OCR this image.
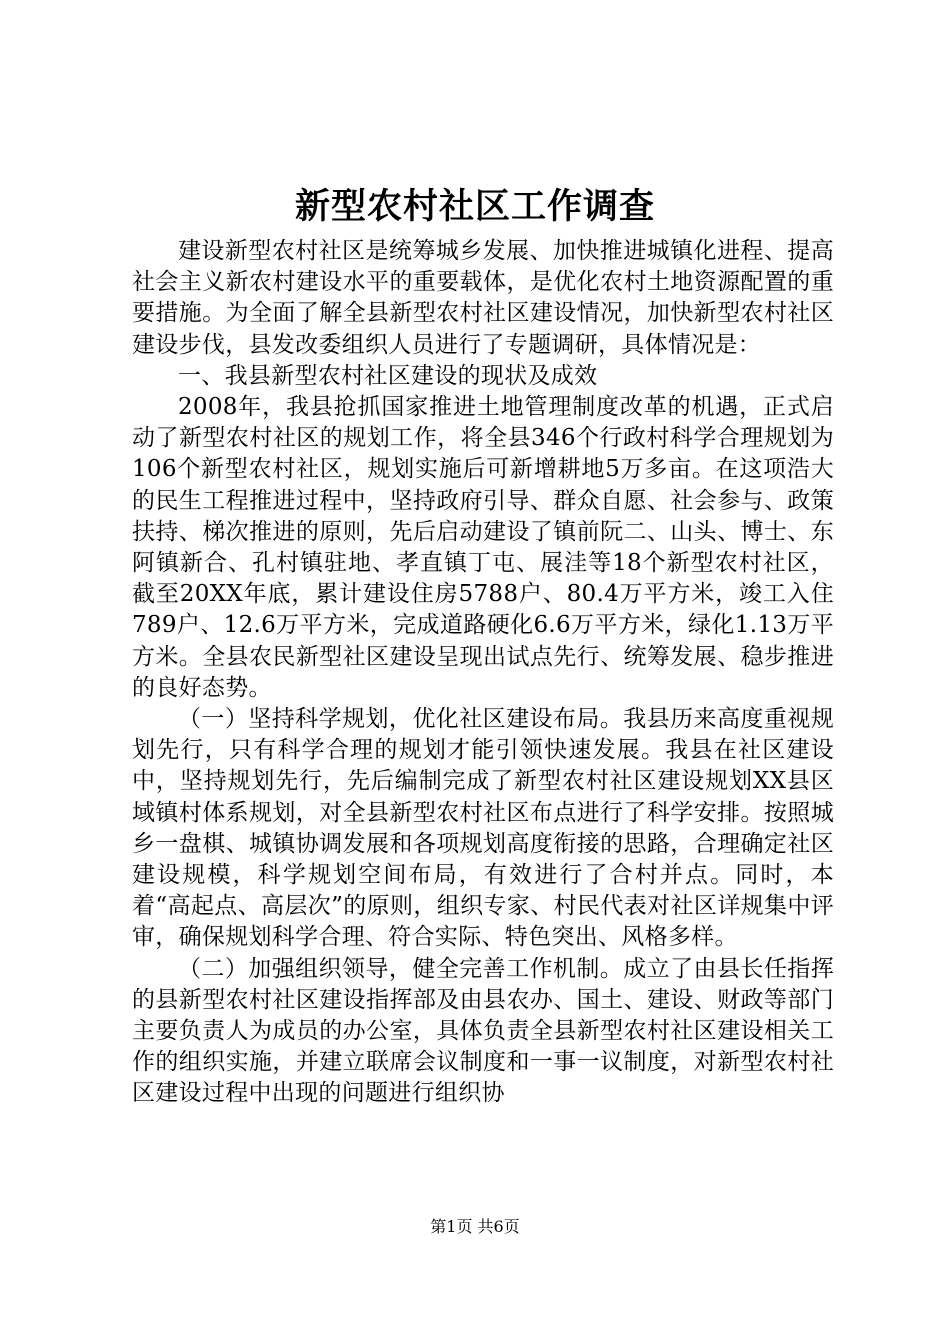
新型农村社区工作调查

建设新型农村社区是统筹城乡发展、加快推进城镇化进程、提高社会主义新农村建设水平的重要载体，是优化农村土地资源配置的重要措施。为全面了解全县新型农村社区建设情况，加快新型农村社区建设步伐，县发改委组织人员进行了专题调研，具体情况是：

一、我县新型农村社区建设的现状及成效

2008年，我县抢抓国家推进土地管理制度改革的机遇，正式启动了新型农村社区的规划工作，将全县346个行政村科学合理规划为106个新型农村社区，规划实施后可新增耕地5万多亩。在这项浩大的民生工程推进过程中，坚持政府引导、群众自愿、社会参与、政策扶持、梯次推进的原则，先后启动建设了镇前阮二、山头、博士、东阿镇新合、孔村镇驻地、孝直镇丁屯、展洼等18个新型农村社区，截至20XX年底，累计建设住房5788户、80.4万平方米，竣工入住789户、12.6万平方米，完成道路硬化6.6万平方米，绿化1.13万平方米。全县农民新型社区建设呈现出试点先行、统筹发展、稳步推进的良好态势。

（一）坚持科学规划，优化社区建设布局。我县历来高度重视规划先行，只有科学合理的规划才能引领快速发展。我县在社区建设中，坚持规划先行，先后编制完成了新型农村社区建设规划XX县区域镇村体系规划，对全县新型农村社区布点进行了科学安排。按照城乡一盘棋、城镇协调发展和各项规划高度衔接的思路，合理确定社区建设规模，科学规划空间布局，有效进行了合村并点。同时，本着“高起点、高层次”的原则，组织专家、村民代表对社区详规集中评审，确保规划科学合理、符合实际、特色突出、风格多样。

（二）加强组织领导，健全完善工作机制。成立了由县长任指挥的县新型农村社区建设指挥部及由县农办、国土、建设、财政等部门主要负责人为成员的办公室，具体负责全县新型农村社区建设相关工作的组织实施，并建立联席会议制度和一事一议制度，对新型农村社区建设过程中出现的问题进行组织协

第1页 共6页
